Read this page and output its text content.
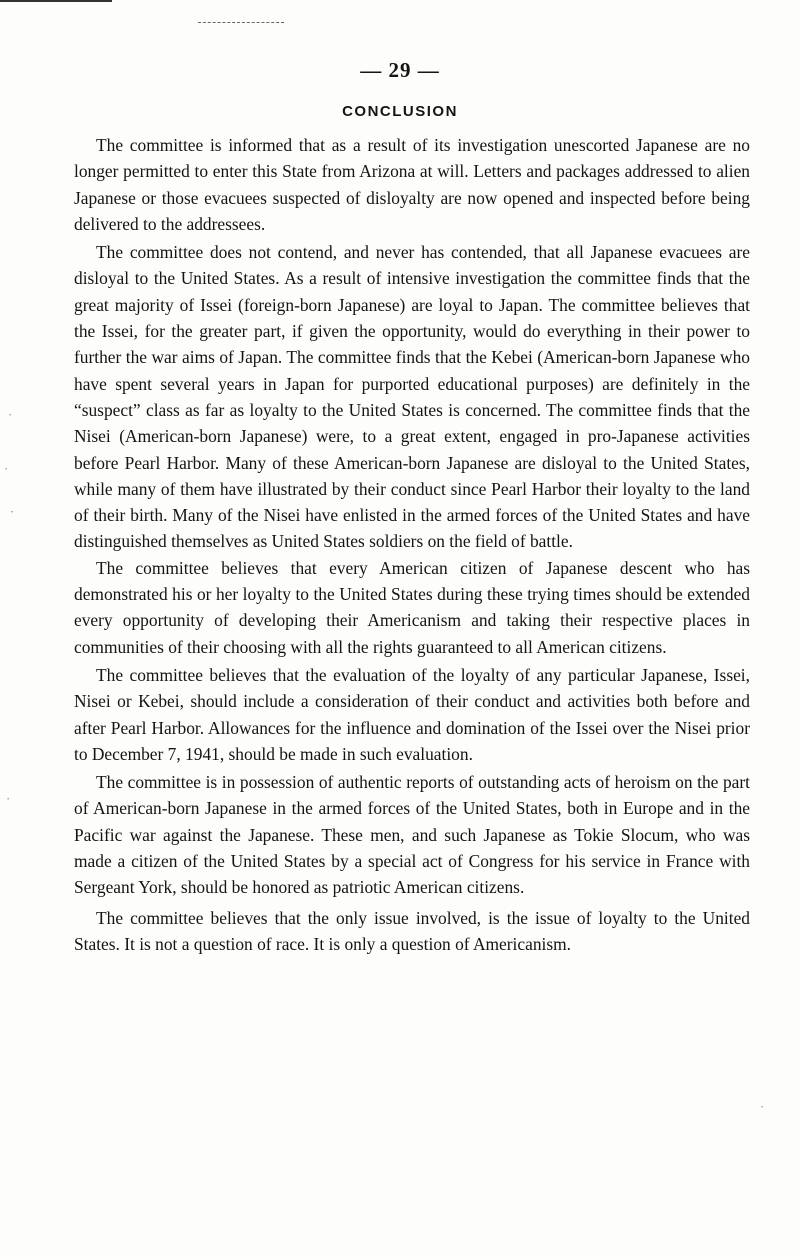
— 29 —
CONCLUSION

The committee is informed that as a result of its investigation unescorted Japanese are no longer permitted to enter this State from Arizona at will. Letters and packages addressed to alien Japanese or those evacuees suspected of disloyalty are now opened and inspected before being delivered to the addressees.

The committee does not contend, and never has contended, that all Japanese evacuees are disloyal to the United States. As a result of intensive investigation the committee finds that the great majority of Issei (foreign-born Japanese) are loyal to Japan. The committee believes that the Issei, for the greater part, if given the opportunity, would do everything in their power to further the war aims of Japan. The committee finds that the Kebei (American-born Japanese who have spent several years in Japan for purported educational purposes) are definitely in the “suspect” class as far as loyalty to the United States is concerned. The committee finds that the Nisei (American-born Japanese) were, to a great extent, engaged in pro-Japanese activities before Pearl Harbor. Many of these American-born Japanese are disloyal to the United States, while many of them have illustrated by their conduct since Pearl Harbor their loyalty to the land of their birth. Many of the Nisei have enlisted in the armed forces of the United States and have distinguished themselves as United States soldiers on the field of battle.

The committee believes that every American citizen of Japanese descent who has demonstrated his or her loyalty to the United States during these trying times should be extended every opportunity of developing their Americanism and taking their respective places in communities of their choosing with all the rights guaranteed to all American citizens.

The committee believes that the evaluation of the loyalty of any particular Japanese, Issei, Nisei or Kebei, should include a consideration of their conduct and activities both before and after Pearl Harbor. Allowances for the influence and domination of the Issei over the Nisei prior to December 7, 1941, should be made in such evaluation.

The committee is in possession of authentic reports of outstanding acts of heroism on the part of American-born Japanese in the armed forces of the United States, both in Europe and in the Pacific war against the Japanese. These men, and such Japanese as Tokie Slocum, who was made a citizen of the United States by a special act of Congress for his service in France with Sergeant York, should be honored as patriotic American citizens.

The committee believes that the only issue involved, is the issue of loyalty to the United States. It is not a question of race. It is only a question of Americanism.

·
·
·
·
·
